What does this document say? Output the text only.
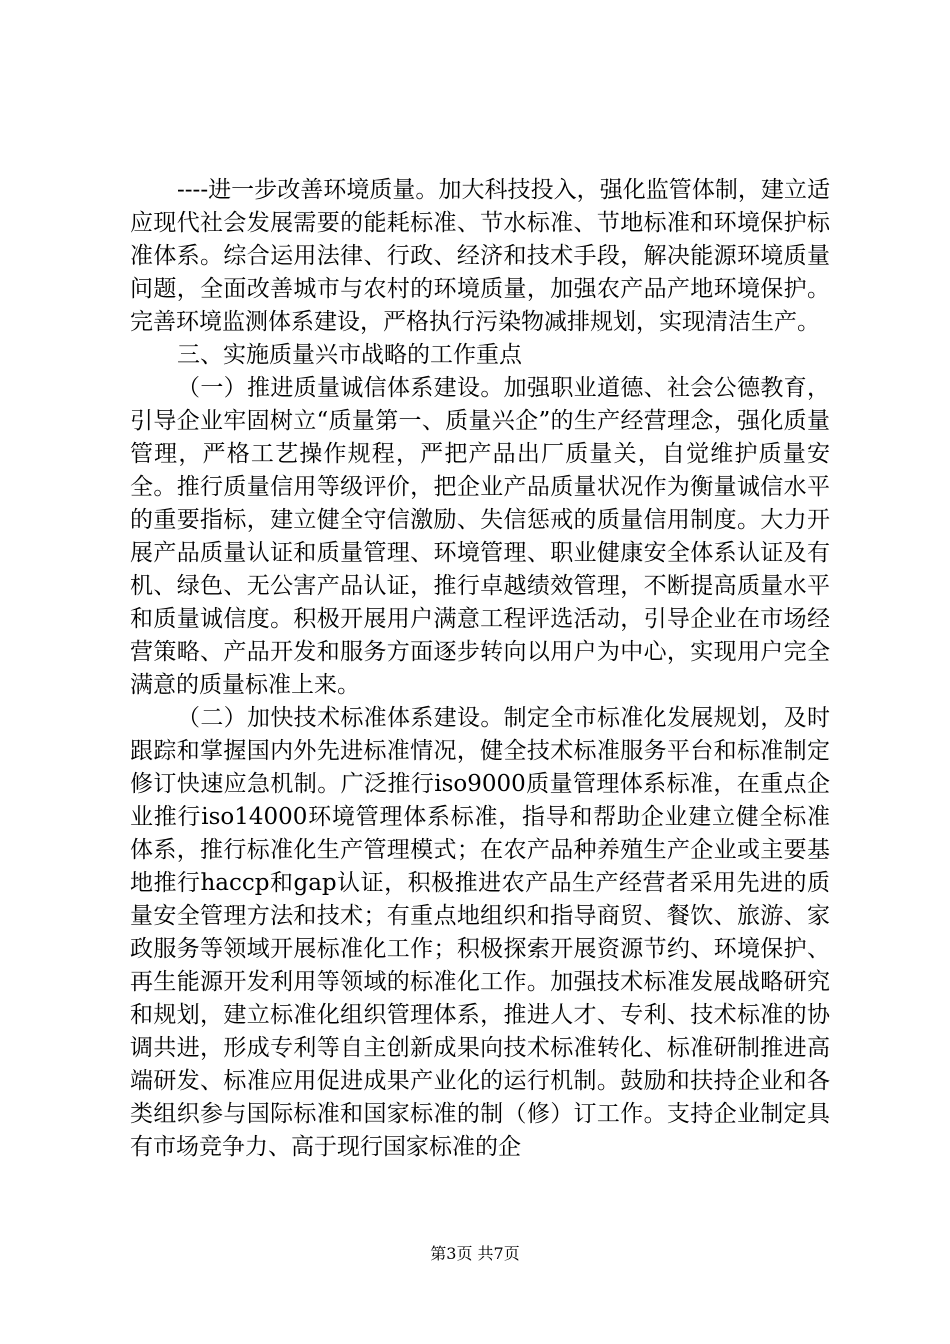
----进一步改善环境质量。加大科技投入，强化监管体制，建立适应现代社会发展需要的能耗标准、节水标准、节地标准和环境保护标准体系。综合运用法律、行政、经济和技术手段，解决能源环境质量问题，全面改善城市与农村的环境质量，加强农产品产地环境保护。完善环境监测体系建设，严格执行污染物减排规划，实现清洁生产。

三、实施质量兴市战略的工作重点

（一）推进质量诚信体系建设。加强职业道德、社会公德教育，引导企业牢固树立“质量第一、质量兴企”的生产经营理念，强化质量管理，严格工艺操作规程，严把产品出厂质量关，自觉维护质量安全。推行质量信用等级评价，把企业产品质量状况作为衡量诚信水平的重要指标，建立健全守信激励、失信惩戒的质量信用制度。大力开展产品质量认证和质量管理、环境管理、职业健康安全体系认证及有机、绿色、无公害产品认证，推行卓越绩效管理，不断提高质量水平和质量诚信度。积极开展用户满意工程评选活动，引导企业在市场经营策略、产品开发和服务方面逐步转向以用户为中心，实现用户完全满意的质量标准上来。

（二）加快技术标准体系建设。制定全市标准化发展规划，及时跟踪和掌握国内外先进标准情况，健全技术标准服务平台和标准制定修订快速应急机制。广泛推行iso9000质量管理体系标准，在重点企业推行iso14000环境管理体系标准，指导和帮助企业建立健全标准体系，推行标准化生产管理模式；在农产品种养殖生产企业或主要基地推行haccp和gap认证，积极推进农产品生产经营者采用先进的质量安全管理方法和技术；有重点地组织和指导商贸、餐饮、旅游、家政服务等领域开展标准化工作；积极探索开展资源节约、环境保护、再生能源开发利用等领域的标准化工作。加强技术标准发展战略研究和规划，建立标准化组织管理体系，推进人才、专利、技术标准的协调共进，形成专利等自主创新成果向技术标准转化、标准研制推进高端研发、标准应用促进成果产业化的运行机制。鼓励和扶持企业和各类组织参与国际标准和国家标准的制（修）订工作。支持企业制定具有市场竞争力、高于现行国家标准的企

第3页 共7页
